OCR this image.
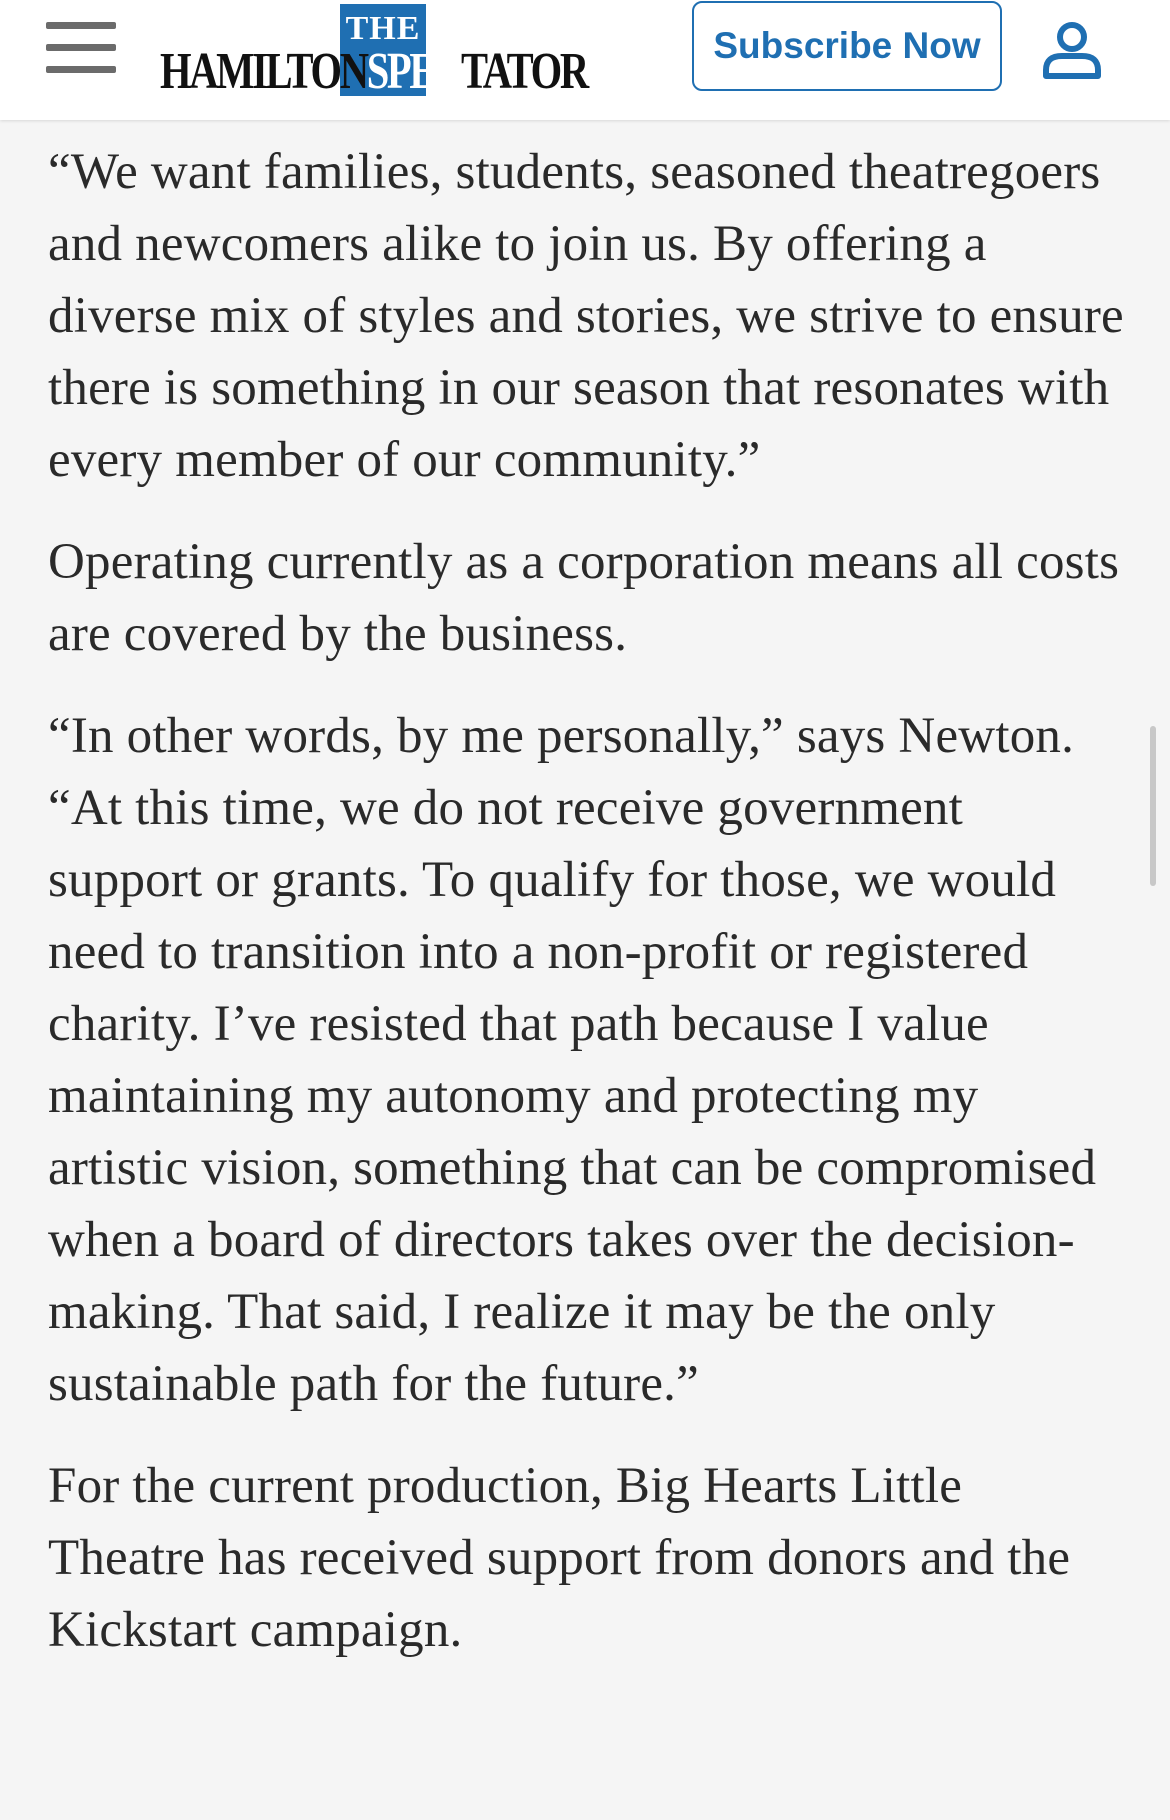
THE
HAMILTONSPECTATOR	Subscribe Now

“We want families, students, seasoned theatregoers and newcomers alike to join us. By offering a diverse mix of styles and stories, we strive to ensure there is something in our season that resonates with every member of our community.”

Operating currently as a corporation means all costs are covered by the business.

“In other words, by me personally,” says Newton. “At this time, we do not receive government support or grants. To qualify for those, we would need to transition into a non-profit or registered charity. I’ve resisted that path because I value maintaining my autonomy and protecting my artistic vision, something that can be compromised when a board of directors takes over the decision-making. That said, I realize it may be the only sustainable path for the future.”

For the current production, Big Hearts Little Theatre has received support from donors and the Kickstart campaign.
